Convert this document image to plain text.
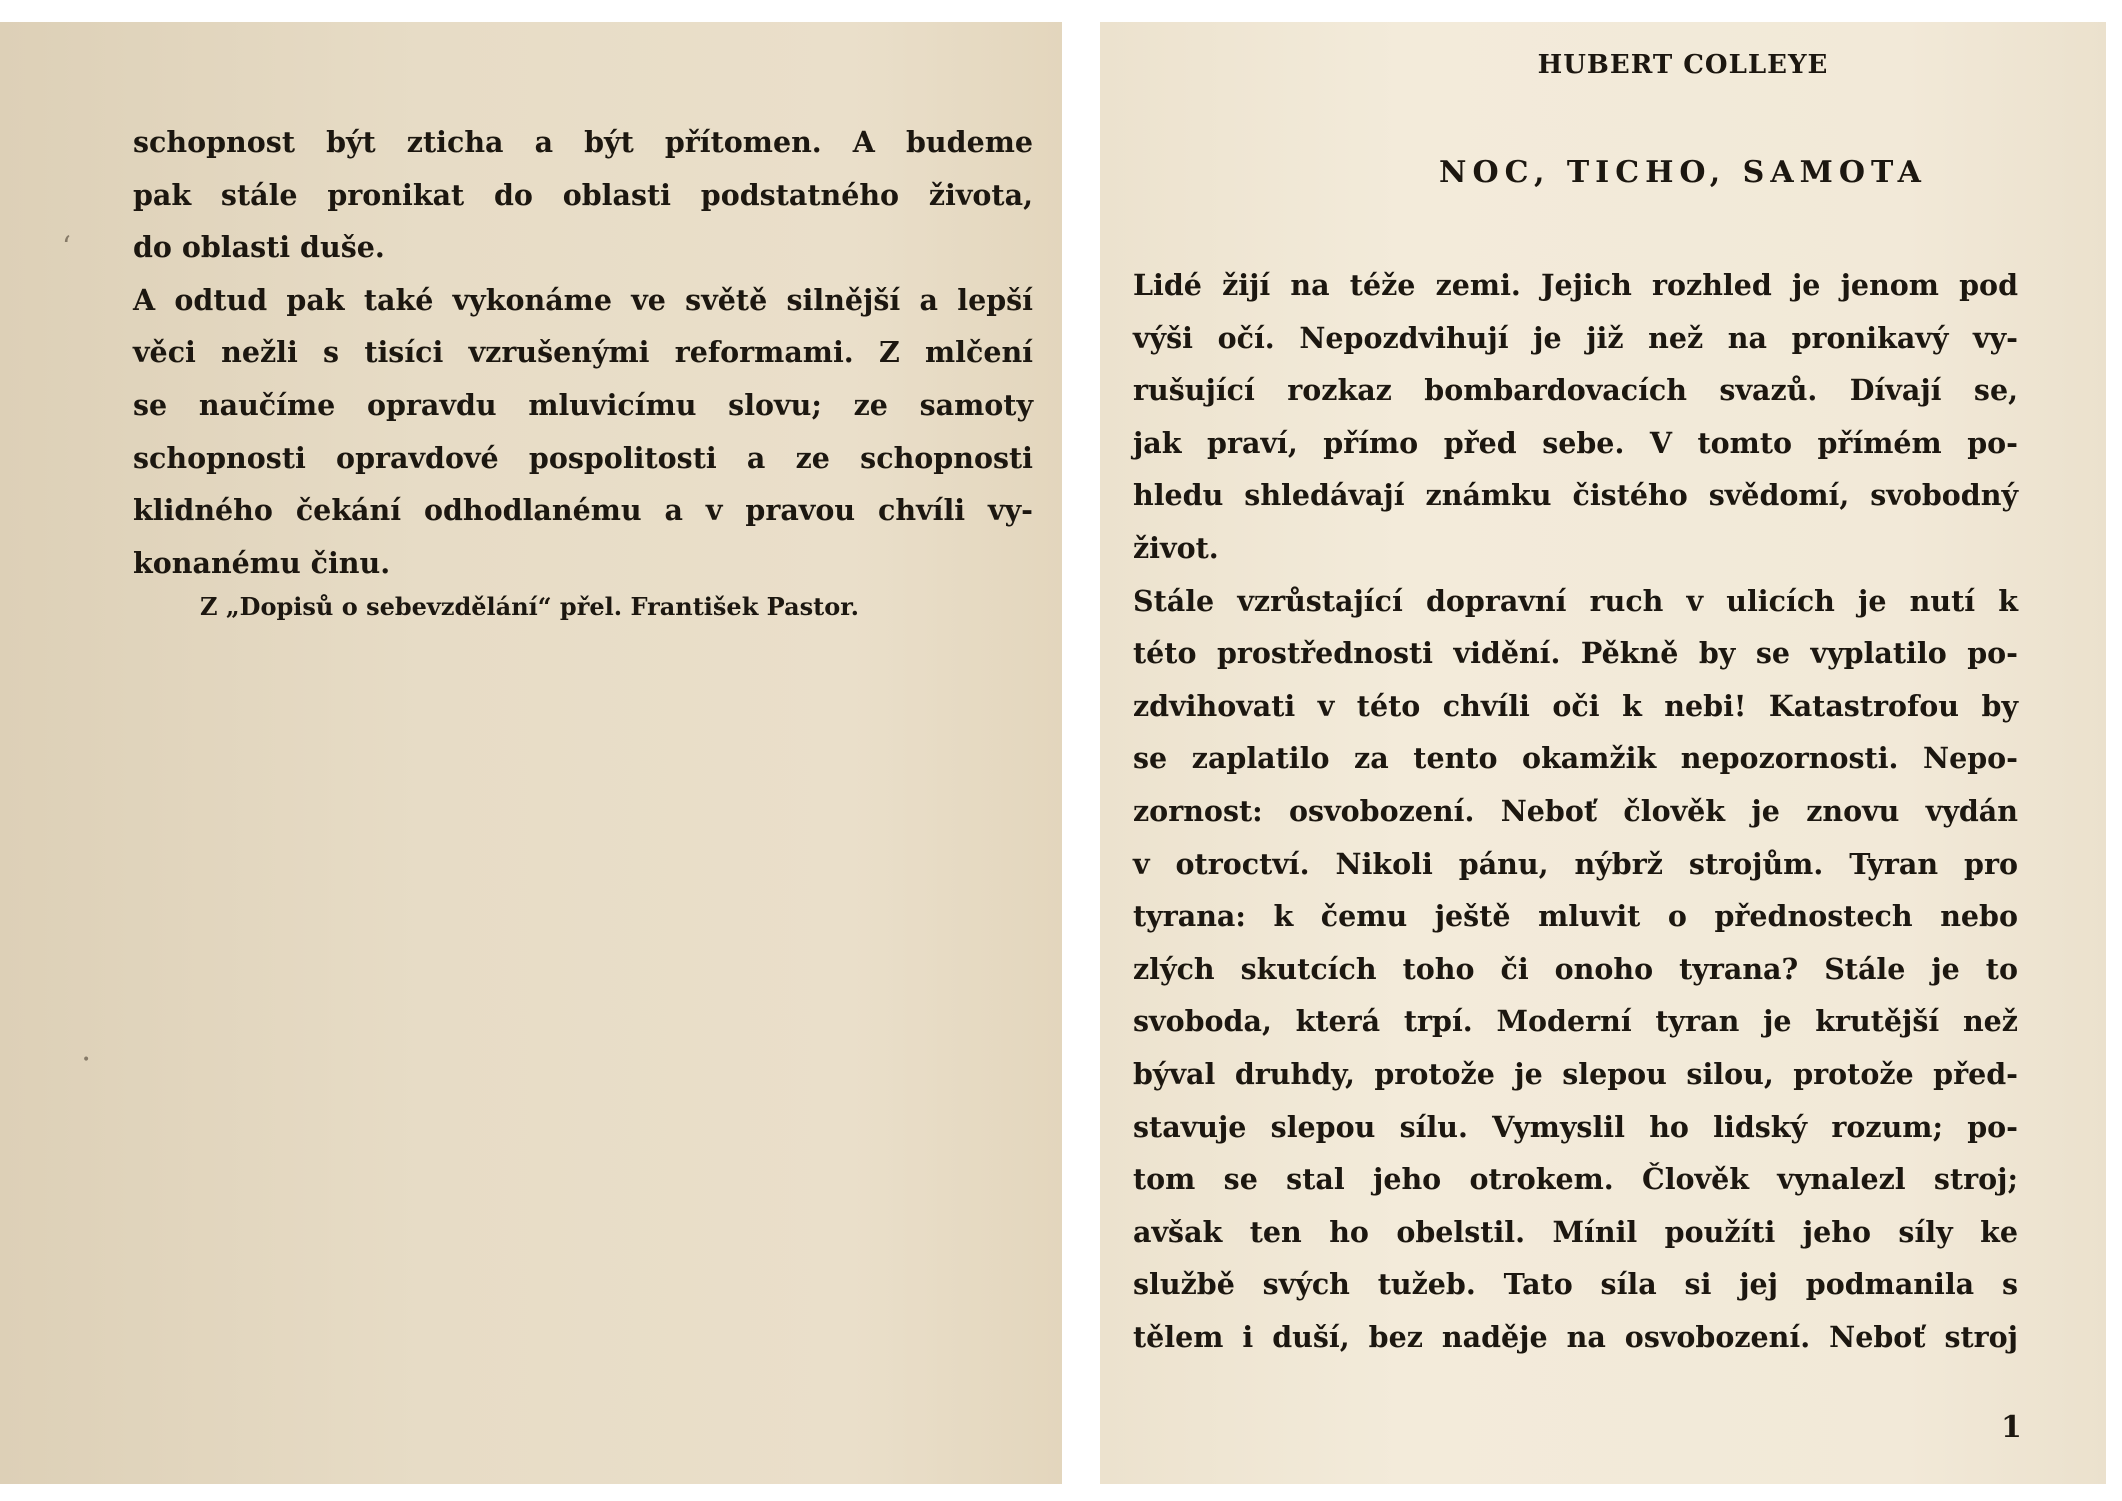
ʻ
•
schopnost být zticha a být přítomen. A budeme
pak stále pronikat do oblasti podstatného života,
do oblasti duše.
A odtud pak také vykonáme ve světě silnější a lepší
věci nežli s tisíci vzrušenými reformami. Z mlčení
se naučíme opravdu mluvicímu slovu; ze samoty
schopnosti opravdové pospolitosti a ze schopnosti
klidného čekání odhodlanému a v pravou chvíli vy-
konanému činu.
Z „Dopisů o sebevzdělání“ přel. František Pastor.

HUBERT COLLEYE
NOC, TICHO, SAMOTA
Lidé žijí na téže zemi. Jejich rozhled je jenom pod
výši očí. Nepozdvihují je již než na pronikavý vy-
rušující rozkaz bombardovacích svazů. Dívají se,
jak praví, přímo před sebe. V tomto přímém po-
hledu shledávají známku čistého svědomí, svobodný
život.
Stále vzrůstající dopravní ruch v ulicích je nutí k
této prostřednosti vidění. Pěkně by se vyplatilo po-
zdvihovati v této chvíli oči k nebi! Katastrofou by
se zaplatilo za tento okamžik nepozornosti. Nepo-
zornost: osvobození. Neboť člověk je znovu vydán
v otroctví. Nikoli pánu, nýbrž strojům. Tyran pro
tyrana: k čemu ještě mluvit o přednostech nebo
zlých skutcích toho či onoho tyrana? Stále je to
svoboda, která trpí. Moderní tyran je krutější než
býval druhdy, protože je slepou silou, protože před-
stavuje slepou sílu. Vymyslil ho lidský rozum; po-
tom se stal jeho otrokem. Člověk vynalezl stroj;
avšak ten ho obelstil. Mínil použíti jeho síly ke
službě svých tužeb. Tato síla si jej podmanila s
tělem i duší, bez naděje na osvobození. Neboť stroj
1
